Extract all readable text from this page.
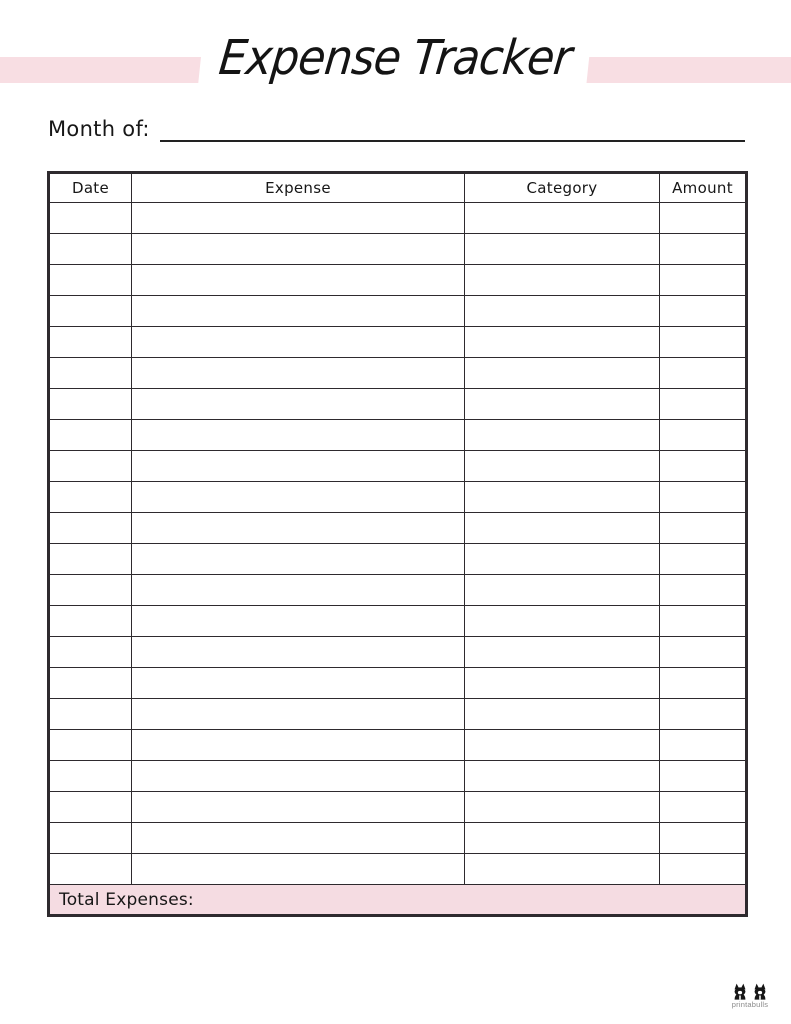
Expense Tracker
Month of:
Date	Expense	Category	Amount

Total Expenses:			
printabulls
